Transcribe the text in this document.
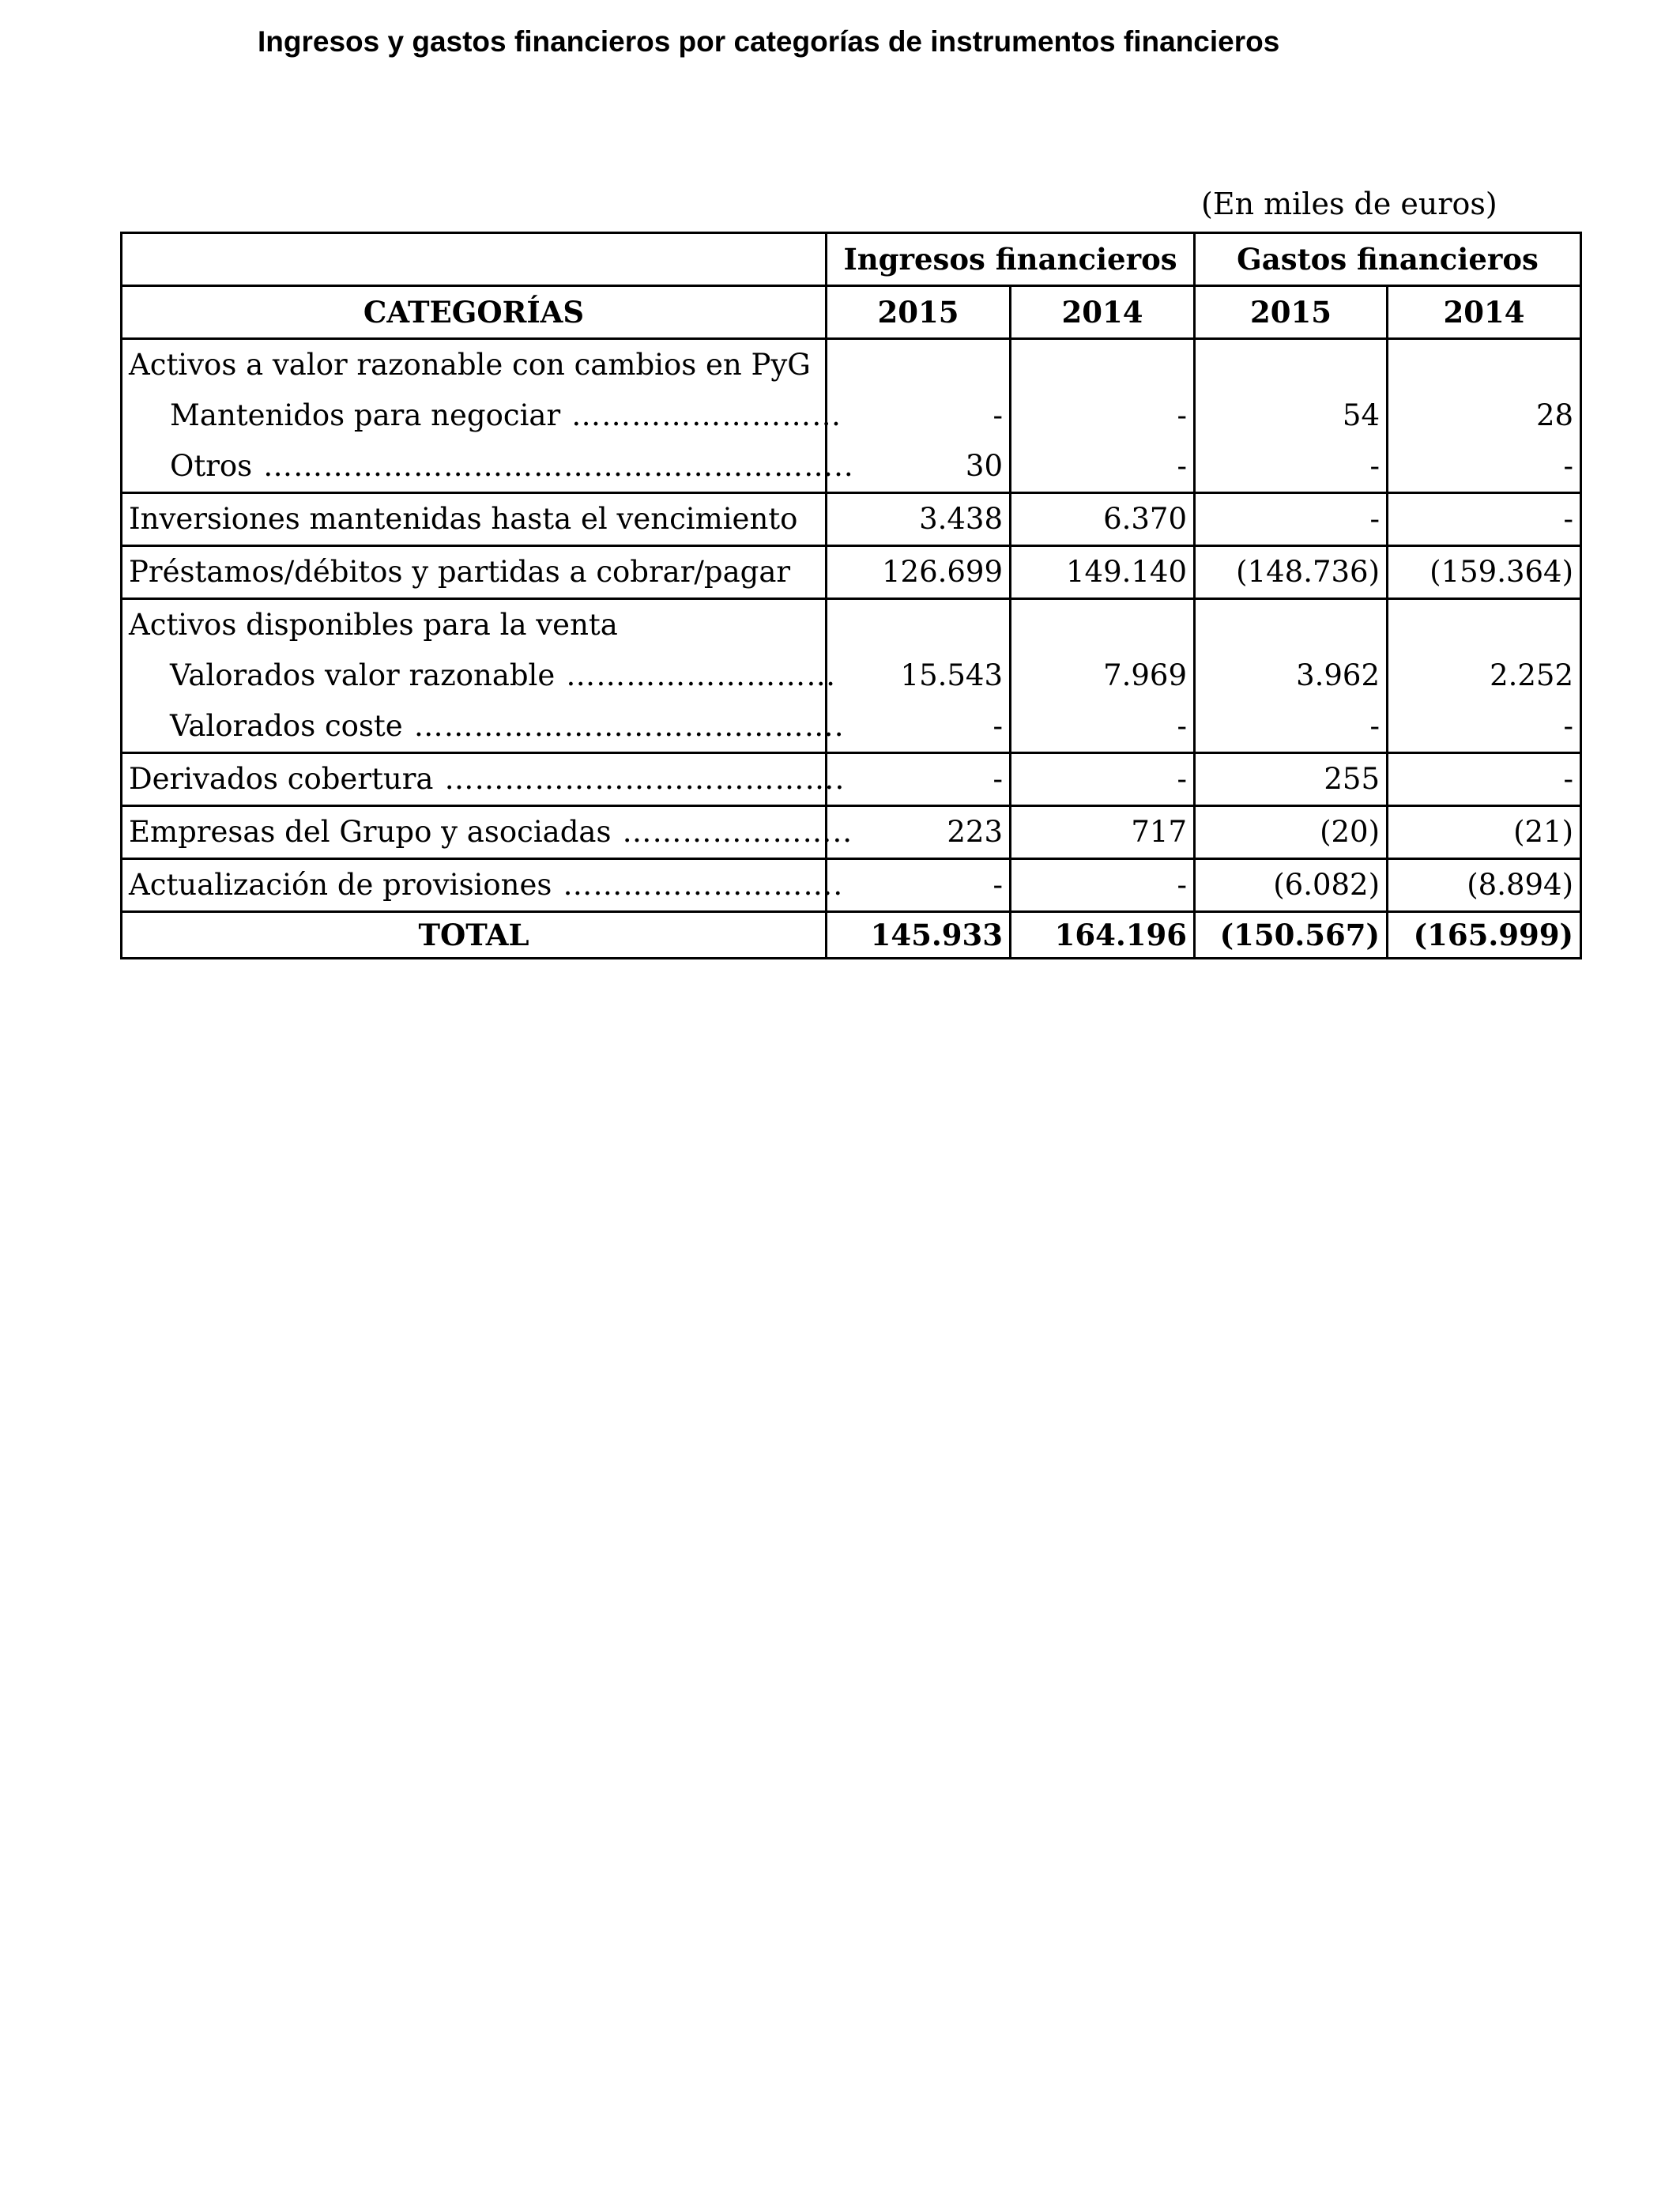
Ingresos y gastos financieros por categorías de instrumentos financieros
(En miles de euros)
	Ingresos financieros		Gastos financieros	
CATEGORÍAS	2015	2014	2015	2014
Activos a valor razonable con cambios en PyG				

Mantenidos para negociar ………………………	-	-	54	28

Otros …………………………………………………..	30	-	-	-
Inversiones mantenidas hasta el vencimiento	3.438	6.370	-	-
Préstamos/débitos y partidas a cobrar/pagar	126.699	149.140	(148.736)	(159.364)
Activos disponibles para la venta				

Valorados valor razonable ………………………	15.543	7.969	3.962	2.252

Valorados coste …………………………………….	-	-	-	-

Derivados cobertura ………………………………….	-	-	255	-

Empresas del Grupo y asociadas …………………..	223	717	(20)	(21)

Actualización de provisiones ……………………….	-	-	(6.082)	(8.894)
TOTAL	145.933	164.196	(150.567)	(165.999)
